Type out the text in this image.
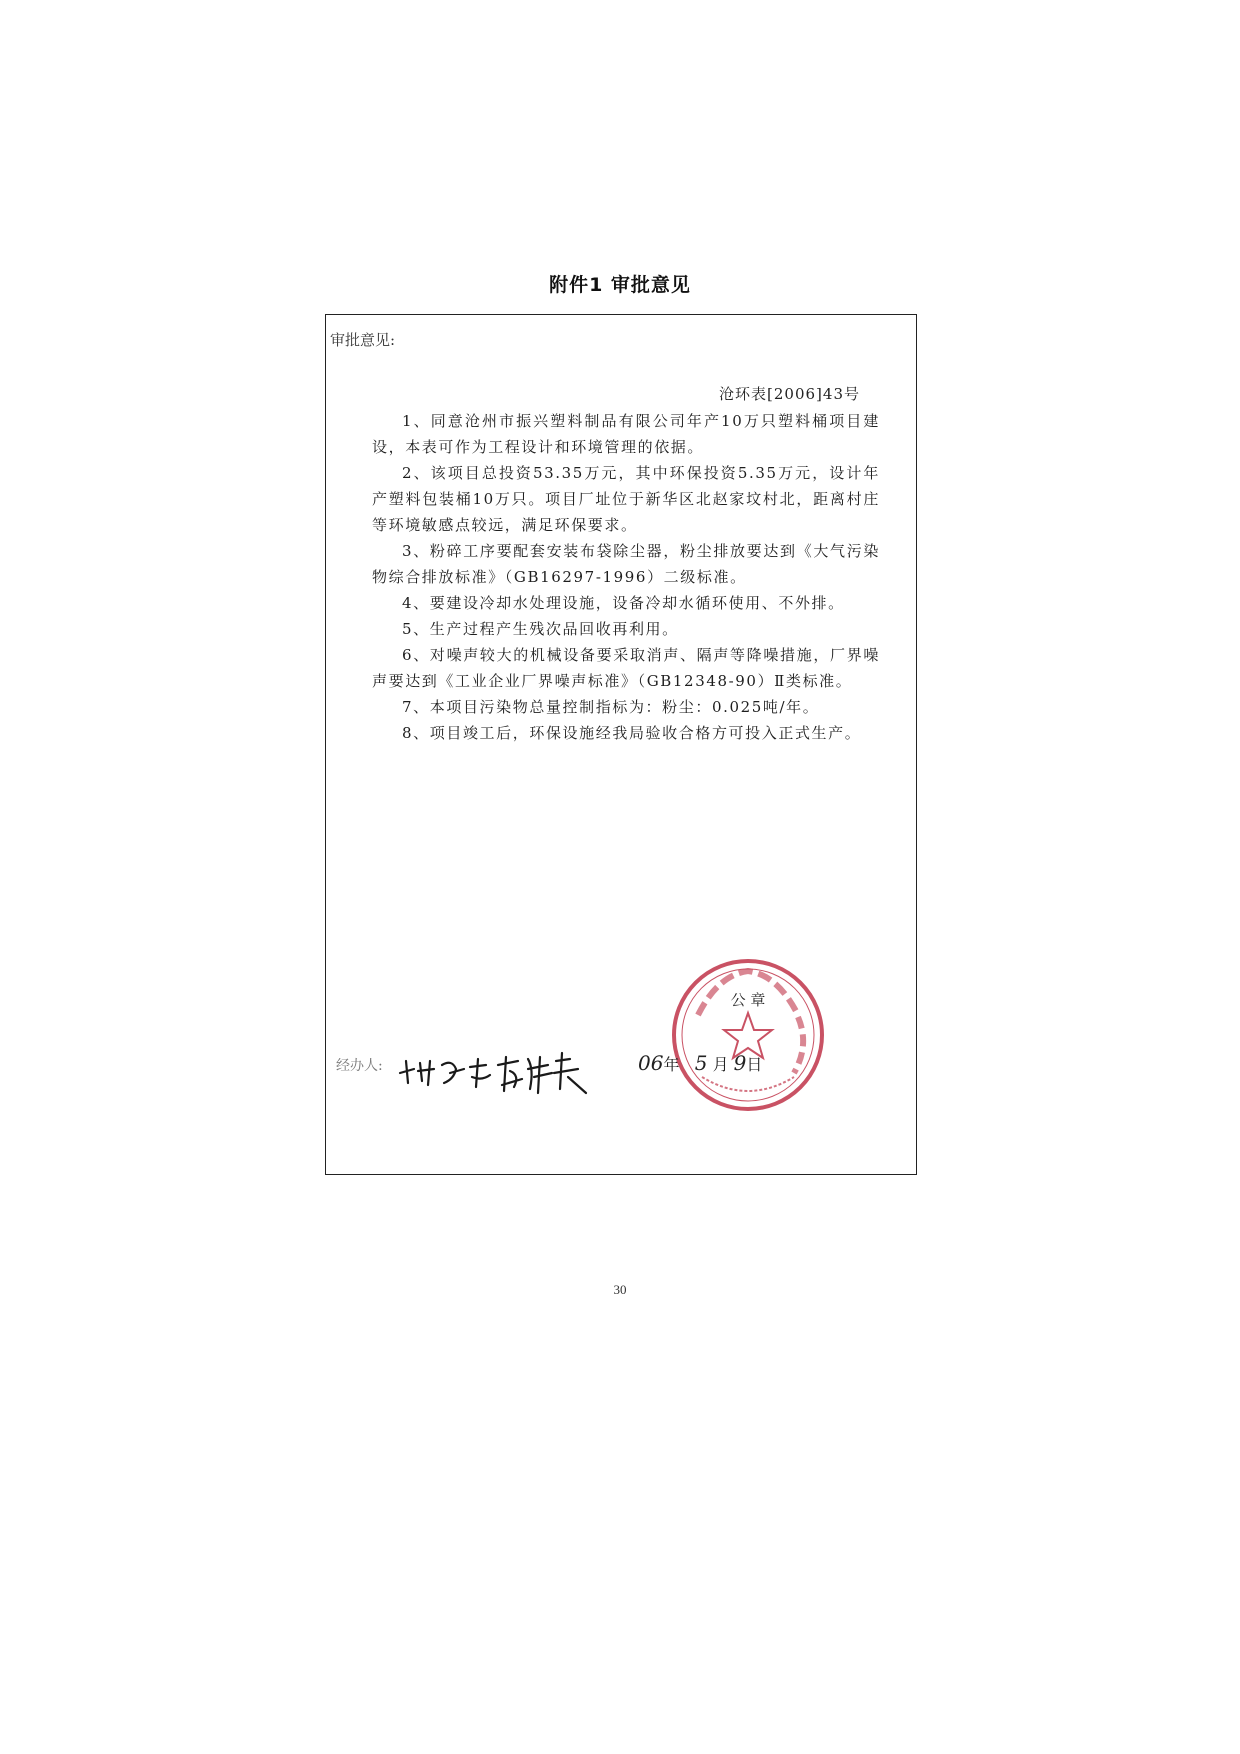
附件1 审批意见
审批意见:
沧环表[2006]43号
1、同意沧州市振兴塑料制品有限公司年产10万只塑料桶项目建设，本表可作为工程设计和环境管理的依据。
2、该项目总投资53.35万元，其中环保投资5.35万元，设计年产塑料包装桶10万只。项目厂址位于新华区北赵家坟村北，距离村庄等环境敏感点较远，满足环保要求。
3、粉碎工序要配套安装布袋除尘器，粉尘排放要达到《大气污染物综合排放标准》（GB16297-1996）二级标准。
4、要建设冷却水处理设施，设备冷却水循环使用、不外排。
5、生产过程产生残次品回收再利用。
6、对噪声较大的机械设备要采取消声、隔声等降噪措施，厂界噪声要达到《工业企业厂界噪声标准》（GB12348-90）Ⅱ类标准。
7、本项目污染物总量控制指标为：粉尘：0.025吨/年。
8、项目竣工后，环保设施经我局验收合格方可投入正式生产。
公 章
经办人:	06年 5 月 9日
30
